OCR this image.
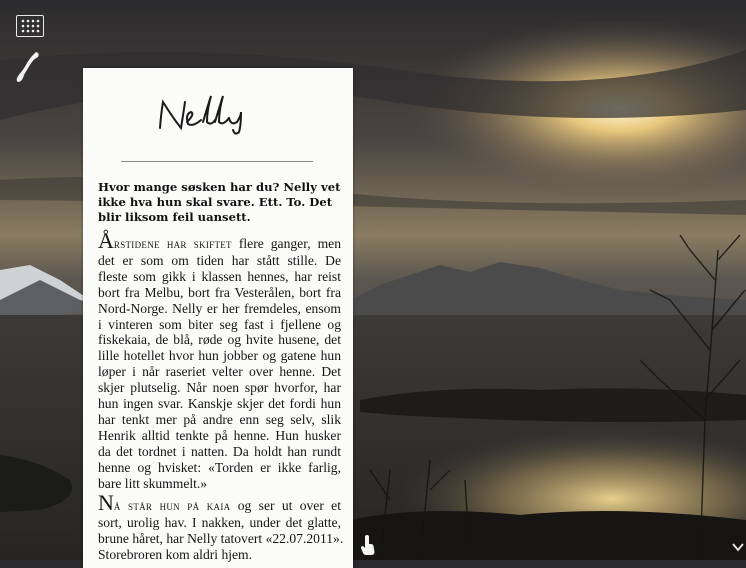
Hvor mange søsken har du? Nelly vet ikke hva hun skal svare. Ett. To. Det blir liksom feil uansett.

Årstidene har skiftet flere ganger, men
det er som om tiden har stått stille. De
fleste som gikk i klassen hennes, har reist
bort fra Melbu, bort fra Vesterålen, bort fra
Nord-Norge. Nelly er her fremdeles, ensom
i vinteren som biter seg fast i fjellene og
fiskekaia, de blå, røde og hvite husene, det
lille hotellet hvor hun jobber og gatene hun
løper i når raseriet velter over henne. Det
skjer plutselig. Når noen spør hvorfor, har
hun ingen svar. Kanskje skjer det fordi hun
har tenkt mer på andre enn seg selv, slik
Henrik alltid tenkte på henne. Hun husker
da det tordnet i natten. Da holdt han rundt
henne og hvisket: «Torden er ikke farlig,
bare litt skummelt.»
Nå står hun på kaia og ser ut over et
sort, urolig hav. I nakken, under det glatte,
brune håret, har Nelly tatovert «22.07.2011».
Storebroren kom aldri hjem.
